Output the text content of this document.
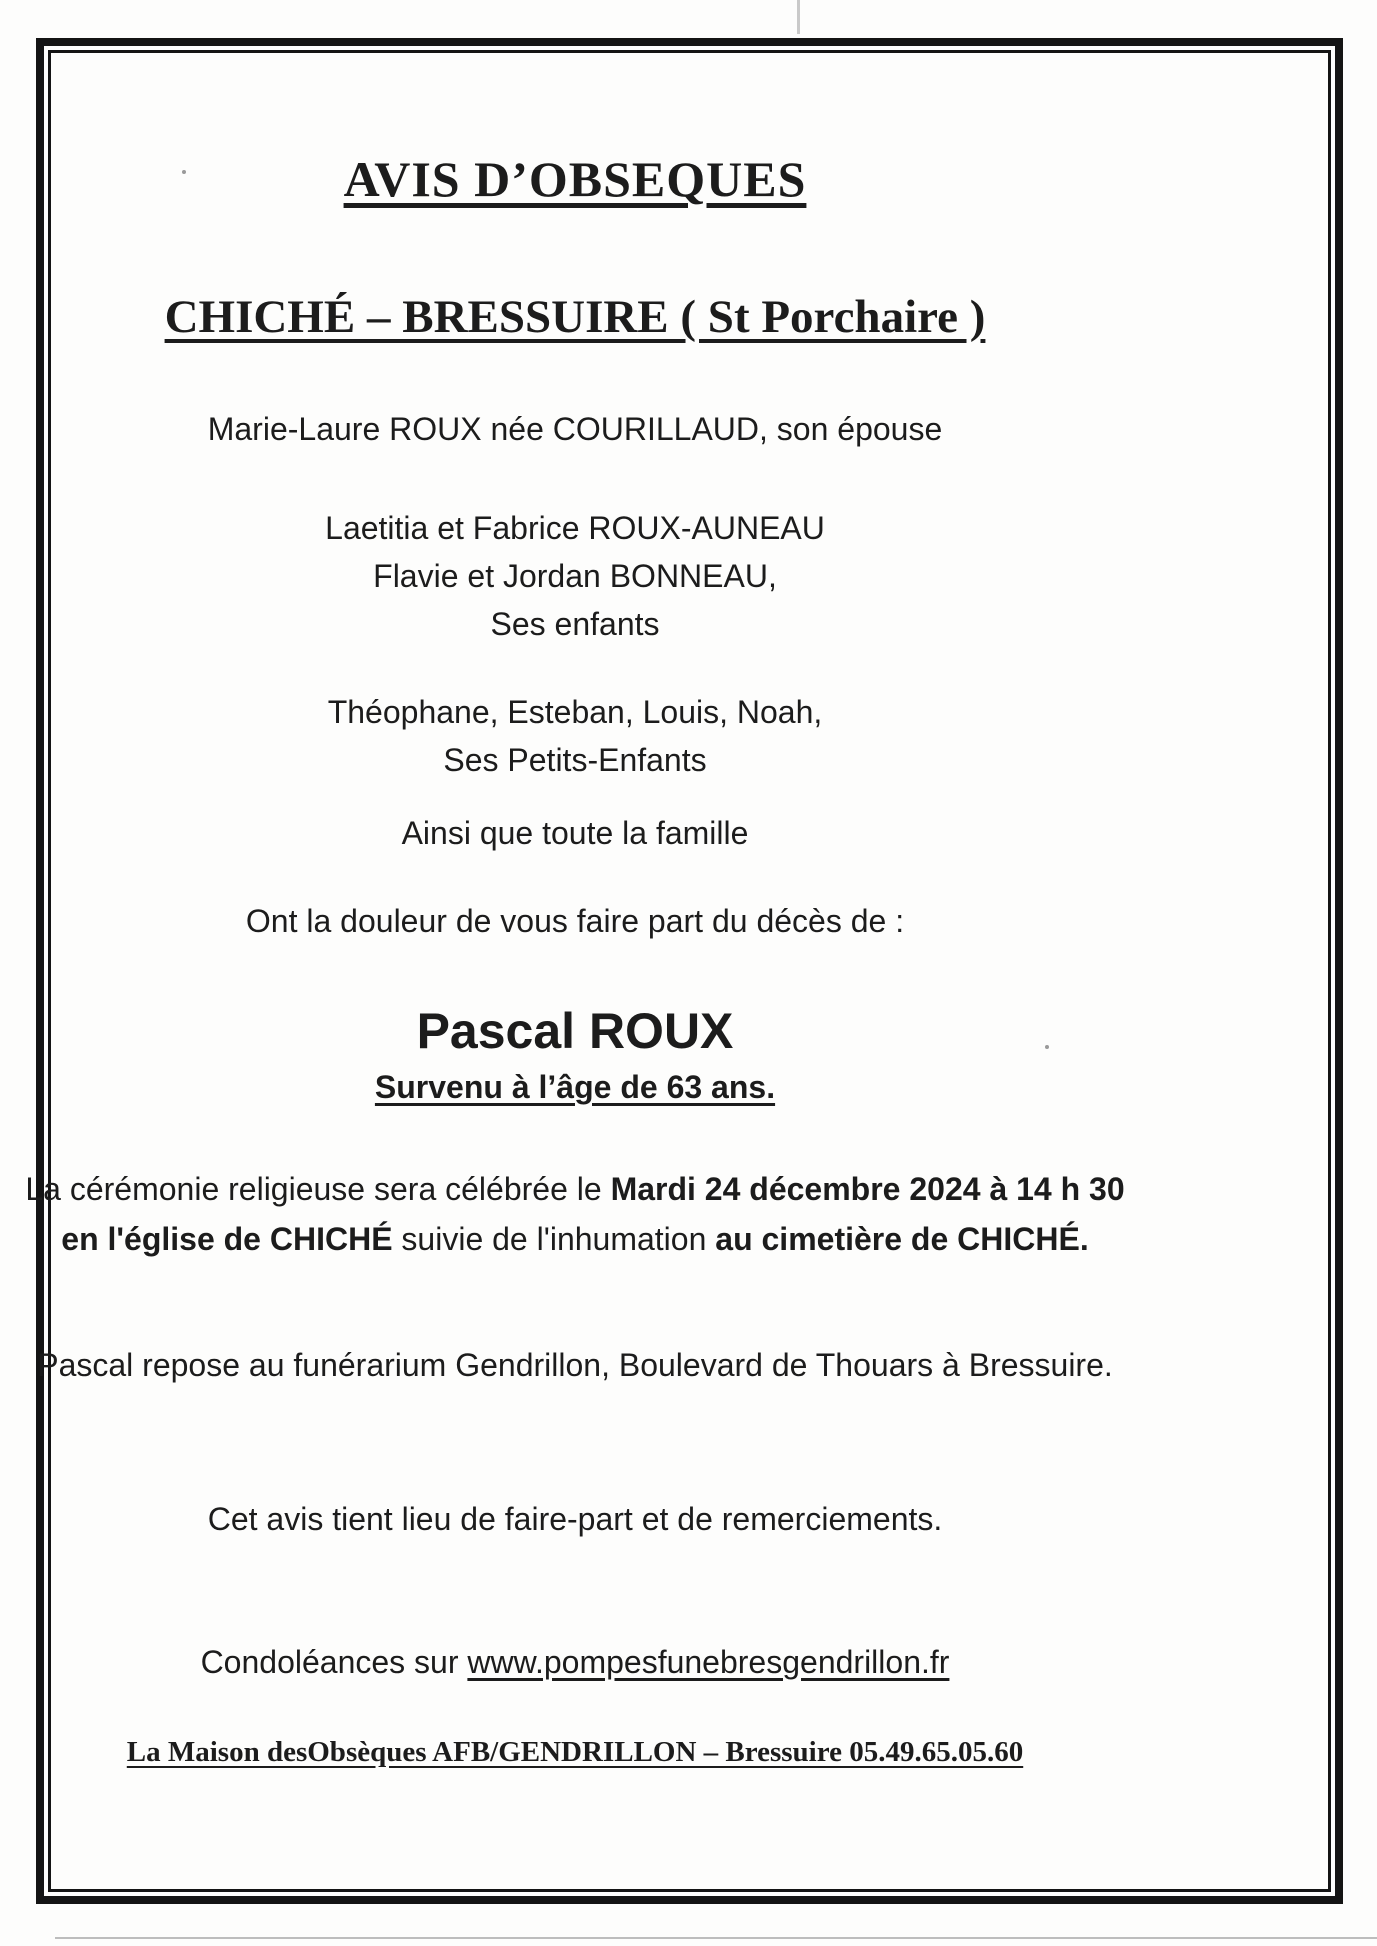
AVIS D’OBSEQUES
CHICHÉ – BRESSUIRE ( St Porchaire )

Marie-Laure ROUX née COURILLAUD, son épouse

Laetitia et Fabrice ROUX-AUNEAU
Flavie et Jordan BONNEAU,
Ses enfants
Théophane, Esteban, Louis, Noah,
Ses Petits-Enfants

Ainsi que toute la famille

Ont la douleur de vous faire part du décès de :

Pascal ROUX

Survenu à l’âge de 63 ans.

La cérémonie religieuse sera célébrée le Mardi 24 décembre 2024 à 14 h 30
en l'église de CHICHÉ suivie de l'inhumation au cimetière de CHICHÉ.

Pascal repose au funérarium Gendrillon, Boulevard de Thouars à Bressuire.

Cet avis tient lieu de faire-part et de remerciements.

Condoléances sur www.pompesfunebresgendrillon.fr

La Maison desObsèques AFB/GENDRILLON – Bressuire 05.49.65.05.60
